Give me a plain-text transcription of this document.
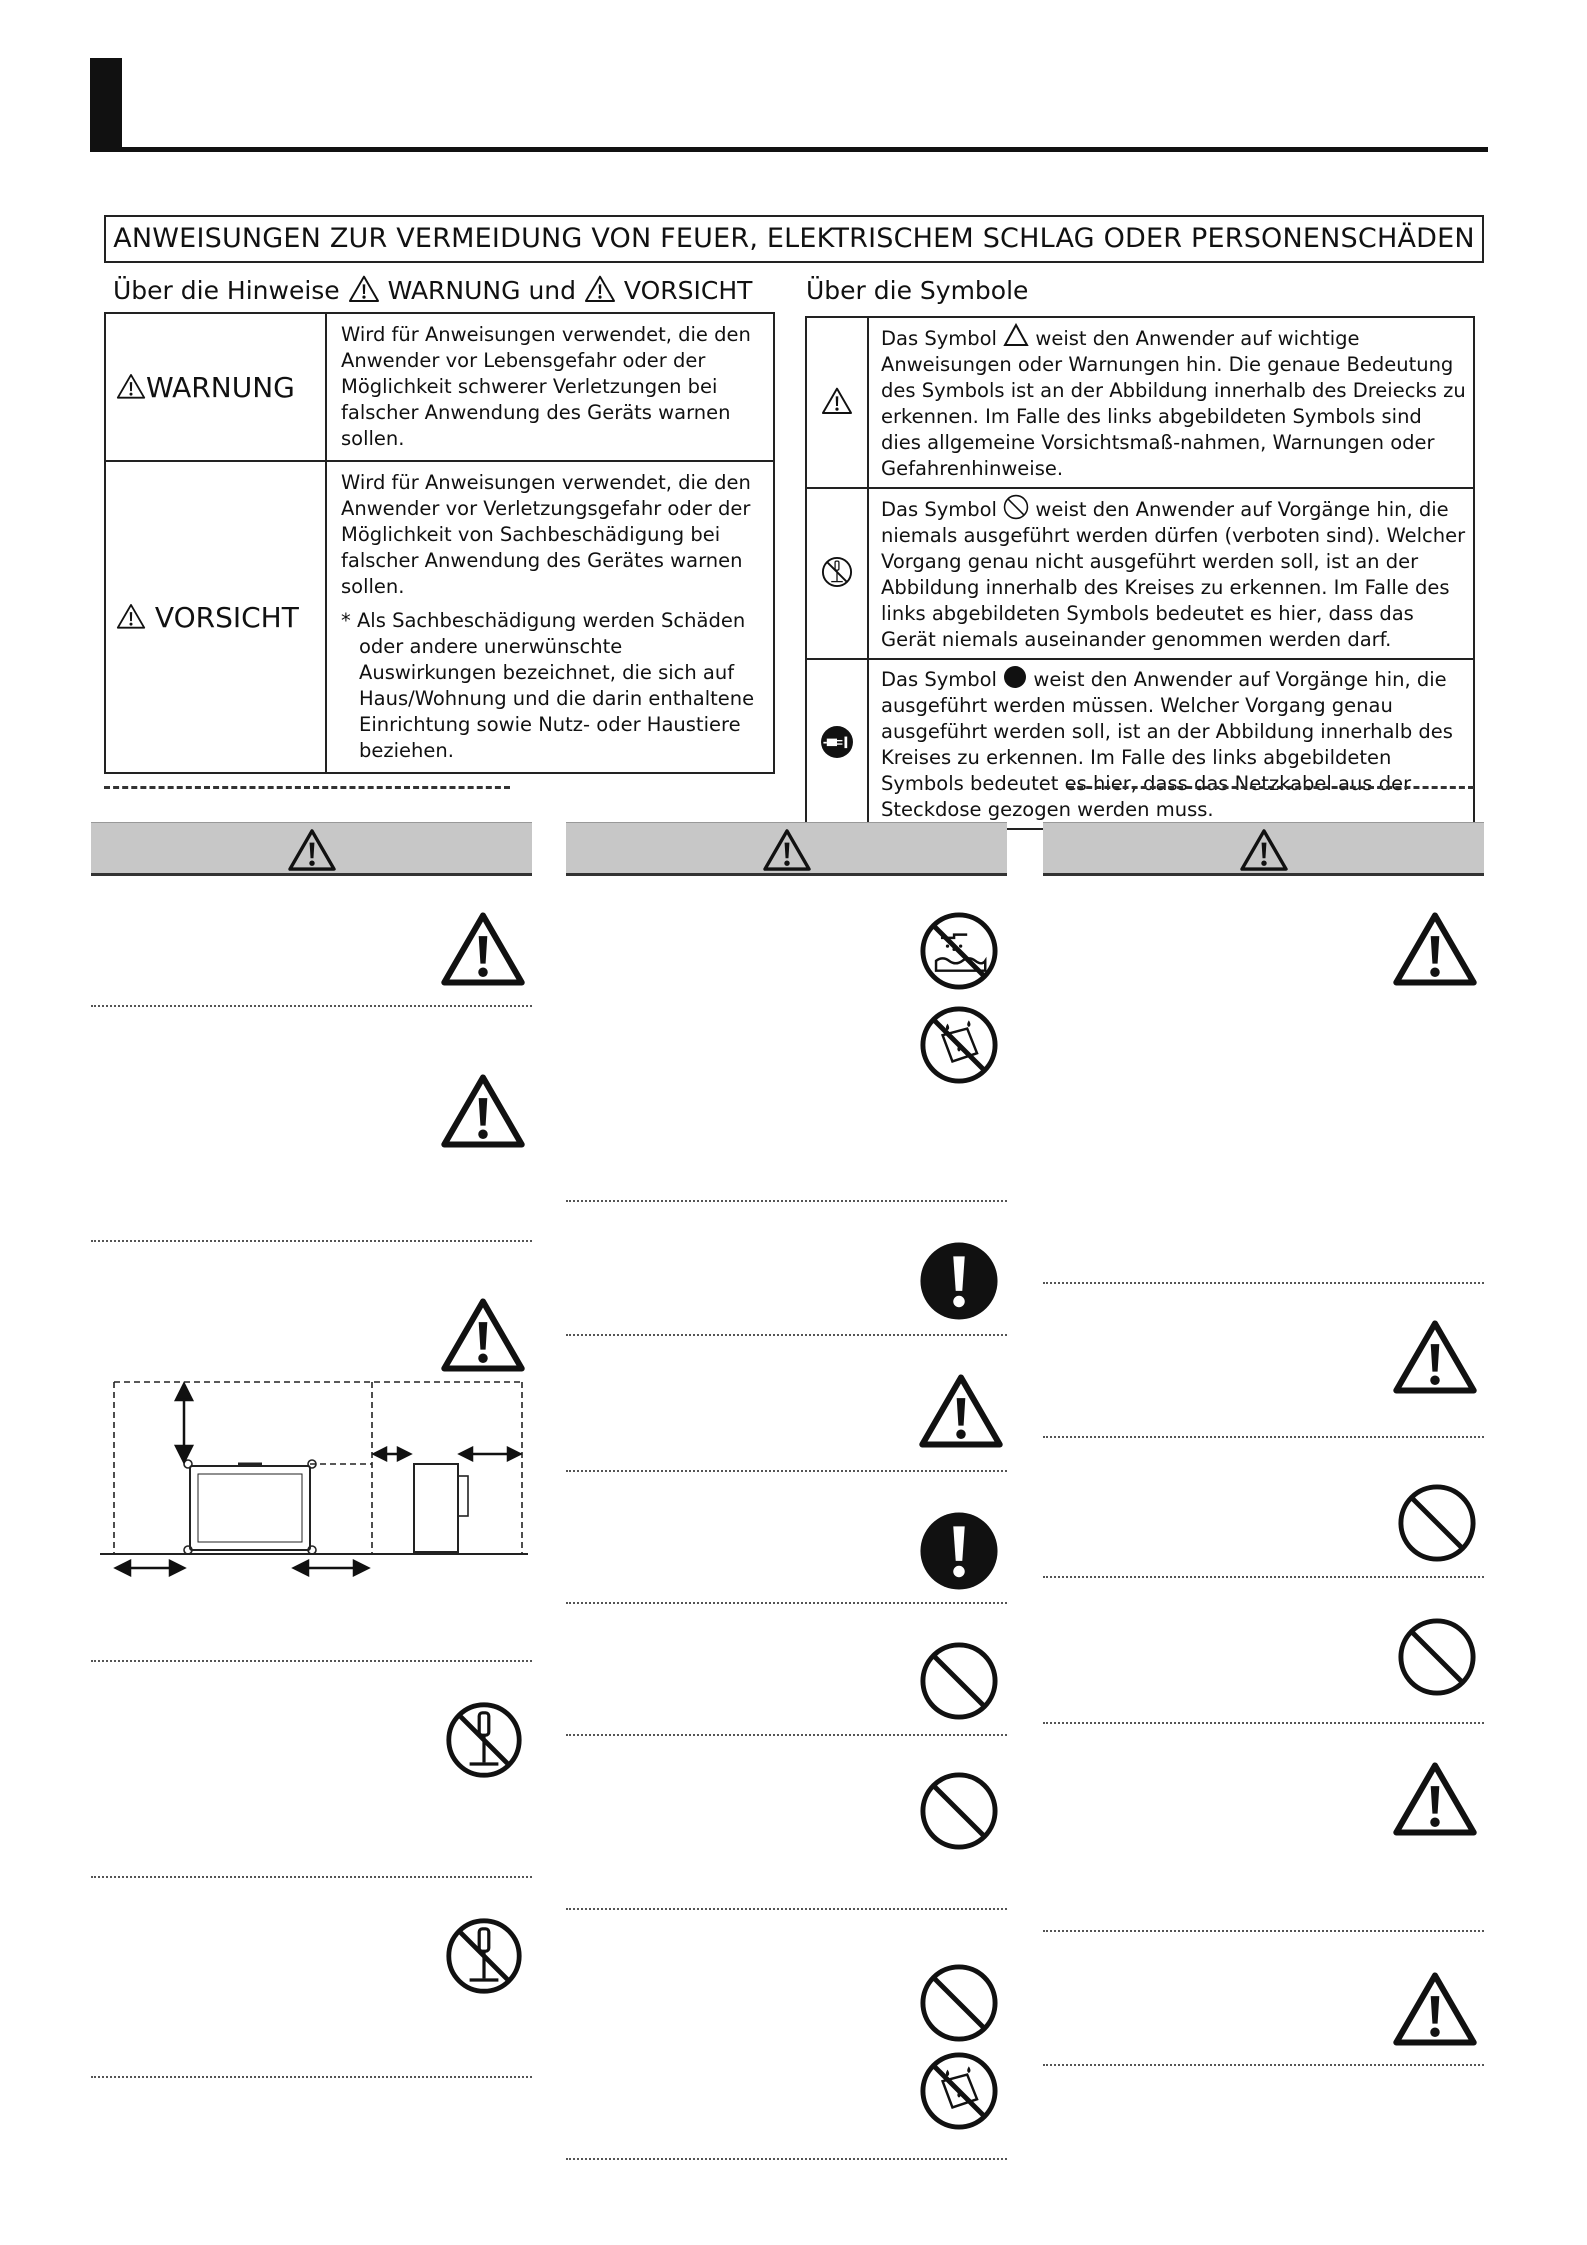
ANWEISUNGEN ZUR VERMEIDUNG VON FEUER, ELEKTRISCHEM SCHLAG ODER PERSONENSCHÄDEN
Über die Hinweise WARNUNG und VORSICHT Über die Symbole
WARNUNG	Wird für Anweisungen verwendet, die den Anwender vor Lebensgefahr oder der Möglichkeit schwerer Verletzungen bei falscher Anwendung des Geräts warnen sollen.
VORSICHT	Wird für Anweisungen verwendet, die den Anwender vor Verletzungsgefahr oder der Möglichkeit von Sachbeschädigung bei falscher Anwendung des Gerätes warnen sollen.
* Als Sachbeschädigung werden Schäden oder andere unerwünschte Auswirkungen bezeichnet, die sich auf Haus/Wohnung und die darin enthaltene Einrichtung sowie Nutz- oder Haustiere beziehen.
	Das Symbol weist den Anwender auf wichtige Anweisungen oder Warnungen hin. Die genaue Bedeutung des Symbols ist an der Abbildung innerhalb des Dreiecks zu erkennen. Im Falle des links abgebildeten Symbols sind dies allgemeine Vorsichtsmaß-nahmen, Warnungen oder Gefahrenhinweise.
	Das Symbol weist den Anwender auf Vorgänge hin, die niemals ausgeführt werden dürfen (verboten sind). Welcher Vorgang genau nicht ausgeführt werden soll, ist an der Abbildung innerhalb des Kreises zu erkennen. Im Falle des links abgebildeten Symbols bedeutet es hier, dass das Gerät niemals auseinander genommen werden darf.
	Das Symbol weist den Anwender auf Vorgänge hin, die ausgeführt werden müssen. Welcher Vorgang genau ausgeführt werden soll, ist an der Abbildung innerhalb des Kreises zu erkennen. Im Falle des links abgebildeten Symbols bedeutet es hier, dass das Netzkabel aus der Steckdose gezogen werden muss.
